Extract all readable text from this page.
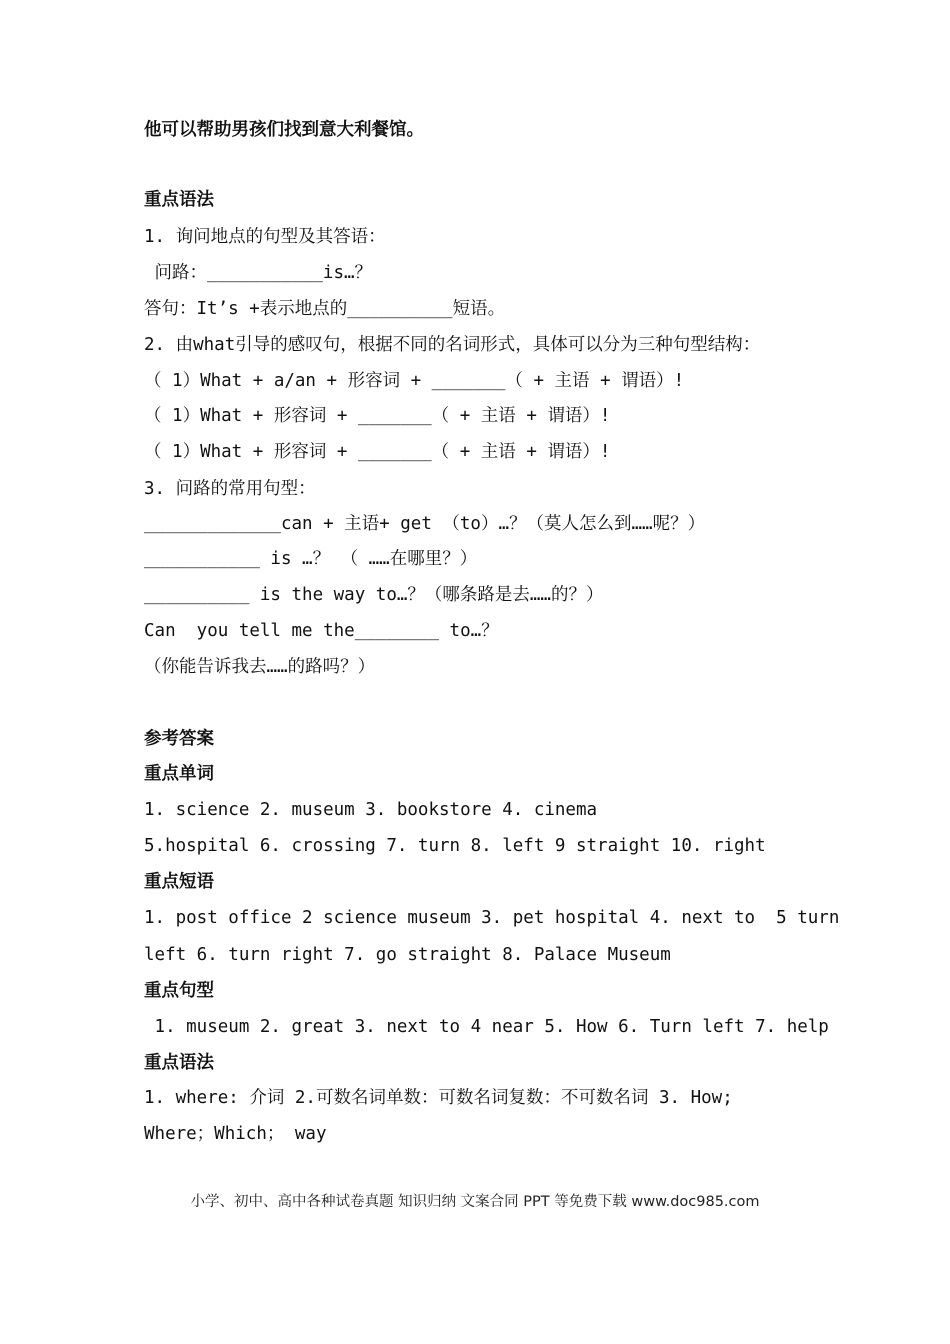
他可以帮助男孩们找到意大利餐馆。
重点语法
1. 询问地点的句型及其答语：
问路：___________is…？
答句：It’s +表示地点的__________短语。
2. 由what引导的感叹句，根据不同的名词形式，具体可以分为三种句型结构：
（ 1）What + a/an + 形容词 + _______（ + 主语 + 谓语）!
（ 1）What + 形容词 + _______（ + 主语 + 谓语）!
（ 1）What + 形容词 + _______（ + 主语 + 谓语）!
3. 问路的常用句型：
_____________can + 主语+ get （to）…？（莫人怎么到……呢？）
___________ is …？ （ ……在哪里？）
__________ is the way to…？（哪条路是去……的？）
Can  you tell me the________ to…？
（你能告诉我去……的路吗？）
参考答案
重点单词
1. science 2. museum 3. bookstore 4. cinema
5.hospital 6. crossing 7. turn 8. left 9 straight 10. right
重点短语
1. post office 2 science museum 3. pet hospital 4. next to  5 turn
left 6. turn right 7. go straight 8. Palace Museum
重点句型
1. museum 2. great 3. next to 4 near 5. How 6. Turn left 7. help
重点语法
1. where: 介词 2.可数名词单数：可数名词复数：不可数名词 3. How;
Where；Which； way
小学、初中、高中各种试卷真题 知识归纳 文案合同 PPT 等免费下载 www.doc985.com
